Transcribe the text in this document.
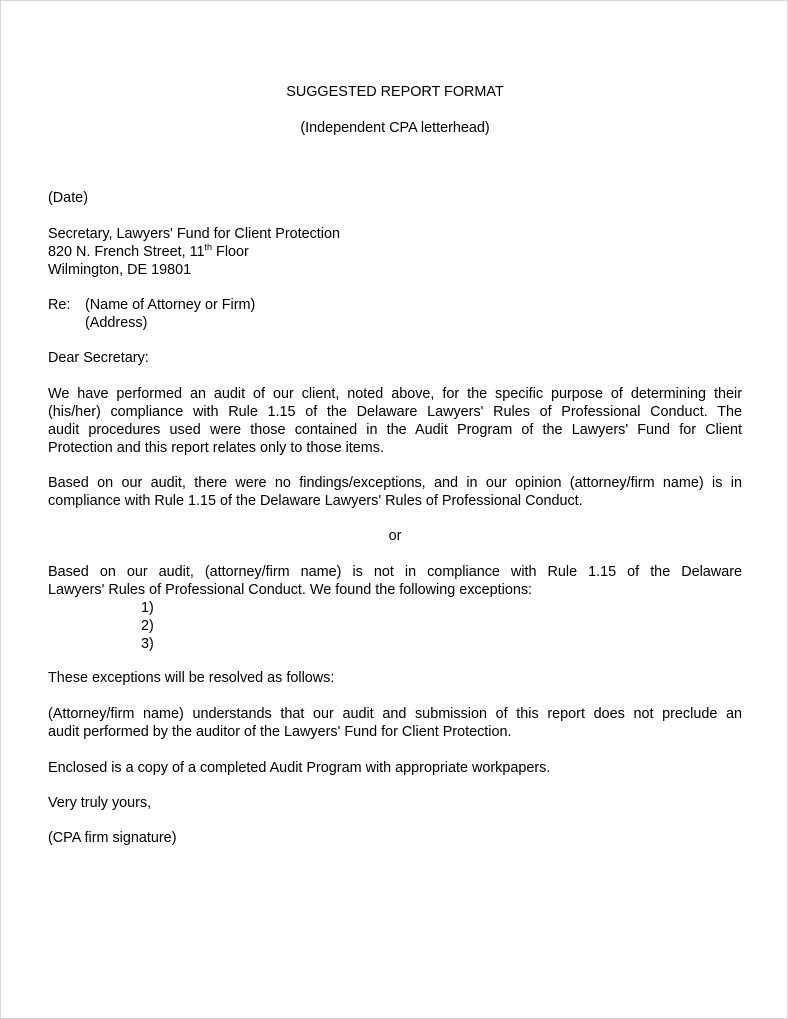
SUGGESTED REPORT FORMAT
(Independent CPA letterhead)
(Date)
Secretary, Lawyers' Fund for Client Protection
820 N. French Street, 11th Floor
Wilmington, DE 19801
Re:	(Name of Attorney or Firm)
(Address)
Dear Secretary:
We have performed an audit of our client, noted above, for the specific purpose of determining their
(his/her) compliance with Rule 1.15 of the Delaware Lawyers' Rules of Professional Conduct. The
audit procedures used were those contained in the Audit Program of the Lawyers' Fund for Client
Protection and this report relates only to those items.
Based on our audit, there were no findings/exceptions, and in our opinion (attorney/firm name) is in
compliance with Rule 1.15 of the Delaware Lawyers' Rules of Professional Conduct.
or
Based on our audit, (attorney/firm name) is not in compliance with Rule 1.15 of the Delaware
Lawyers' Rules of Professional Conduct. We found the following exceptions:
1)
2)
3)
These exceptions will be resolved as follows:
(Attorney/firm name) understands that our audit and submission of this report does not preclude an
audit performed by the auditor of the Lawyers' Fund for Client Protection.
Enclosed is a copy of a completed Audit Program with appropriate workpapers.
Very truly yours,
(CPA firm signature)
